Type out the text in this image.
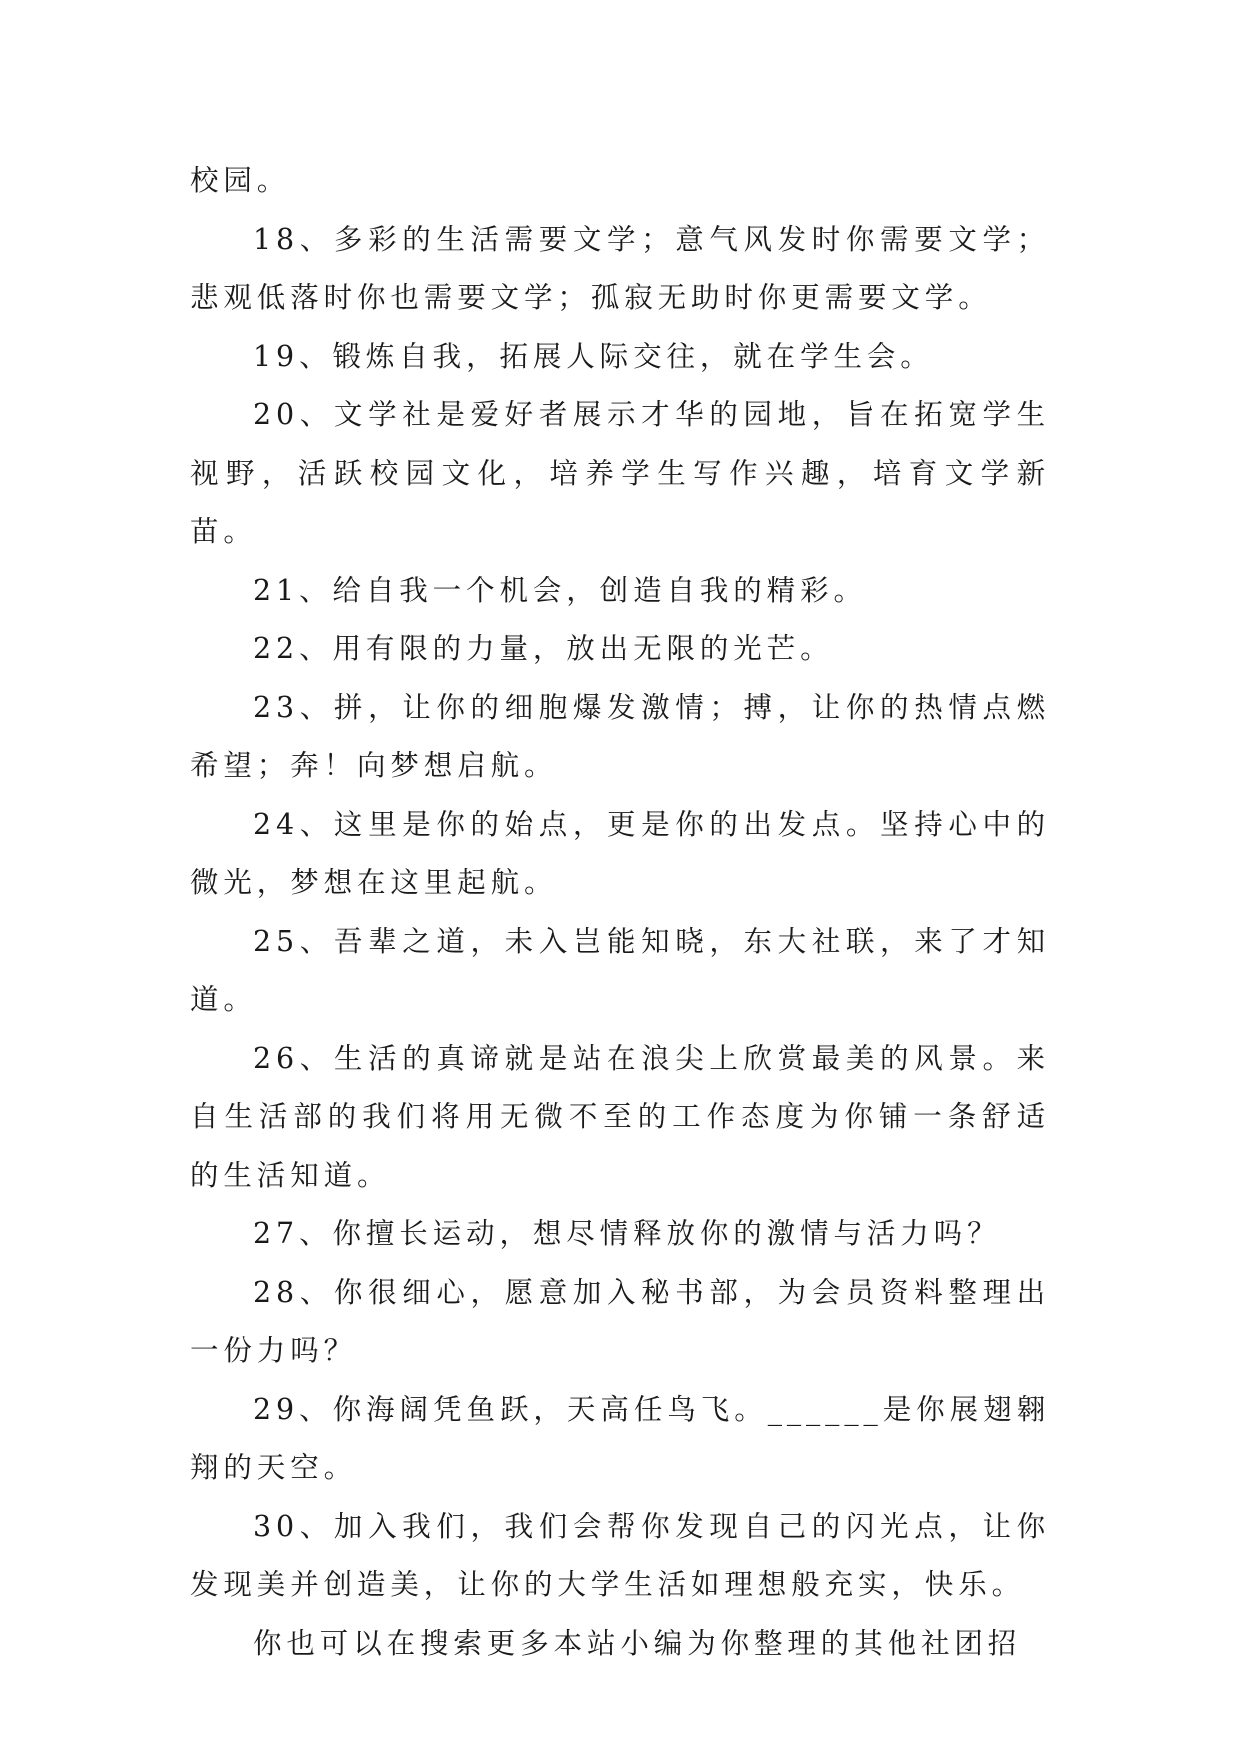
校园。

18、多彩的生活需要文学；意气风发时你需要文学；悲观低落时你也需要文学；孤寂无助时你更需要文学。

19、锻炼自我，拓展人际交往，就在学生会。

20、文学社是爱好者展示才华的园地，旨在拓宽学生视野，活跃校园文化，培养学生写作兴趣，培育文学新苗。

21、给自我一个机会，创造自我的精彩。

22、用有限的力量，放出无限的光芒。

23、拼，让你的细胞爆发激情；搏，让你的热情点燃希望；奔！向梦想启航。

24、这里是你的始点，更是你的出发点。坚持心中的微光，梦想在这里起航。

25、吾辈之道，未入岂能知晓，东大社联，来了才知道。

26、生活的真谛就是站在浪尖上欣赏最美的风景。来自生活部的我们将用无微不至的工作态度为你铺一条舒适的生活知道。

27、你擅长运动，想尽情释放你的激情与活力吗？

28、你很细心，愿意加入秘书部，为会员资料整理出一份力吗？

29、你海阔凭鱼跃，天高任鸟飞。______是你展翅翱翔的天空。

30、加入我们，我们会帮你发现自己的闪光点，让你发现美并创造美，让你的大学生活如理想般充实，快乐。

你也可以在搜索更多本站小编为你整理的其他社团招
